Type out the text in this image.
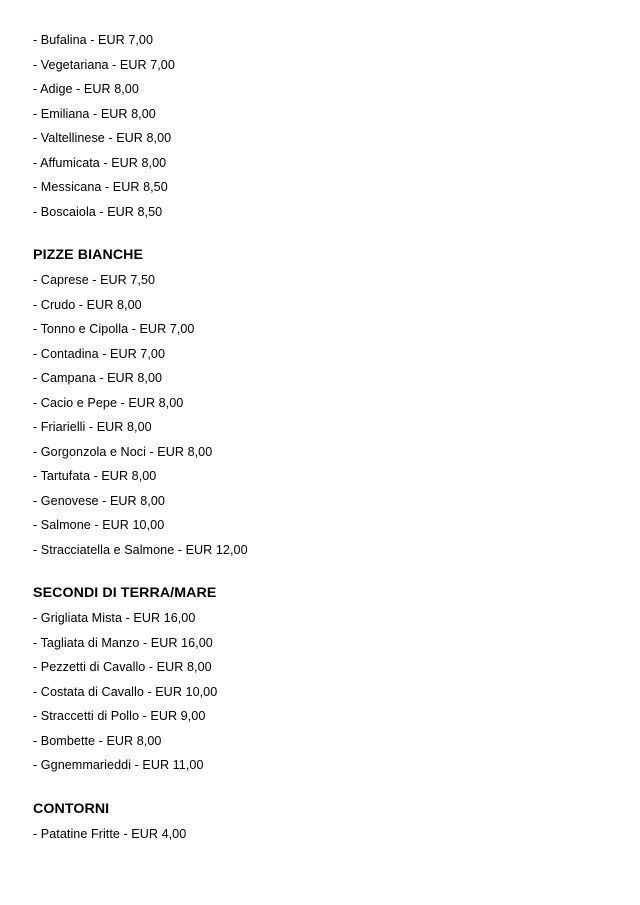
- Bufalina - EUR 7,00
- Vegetariana - EUR 7,00
- Adige - EUR 8,00
- Emiliana - EUR 8,00
- Valtellinese - EUR 8,00
- Affumicata - EUR 8,00
- Messicana - EUR 8,50
- Boscaiola - EUR 8,50
PIZZE BIANCHE
- Caprese - EUR 7,50
- Crudo - EUR 8,00
- Tonno e Cipolla - EUR 7,00
- Contadina - EUR 7,00
- Campana - EUR 8,00
- Cacio e Pepe - EUR 8,00
- Friarielli - EUR 8,00
- Gorgonzola e Noci - EUR 8,00
- Tartufata - EUR 8,00
- Genovese - EUR 8,00
- Salmone - EUR 10,00
- Stracciatella e Salmone - EUR 12,00
SECONDI DI TERRA/MARE
- Grigliata Mista - EUR 16,00
- Tagliata di Manzo - EUR 16,00
- Pezzetti di Cavallo - EUR 8,00
- Costata di Cavallo - EUR 10,00
- Straccetti di Pollo - EUR 9,00
- Bombette - EUR 8,00
- Ggnemmarieddi - EUR 11,00
CONTORNI
- Patatine Fritte - EUR 4,00
